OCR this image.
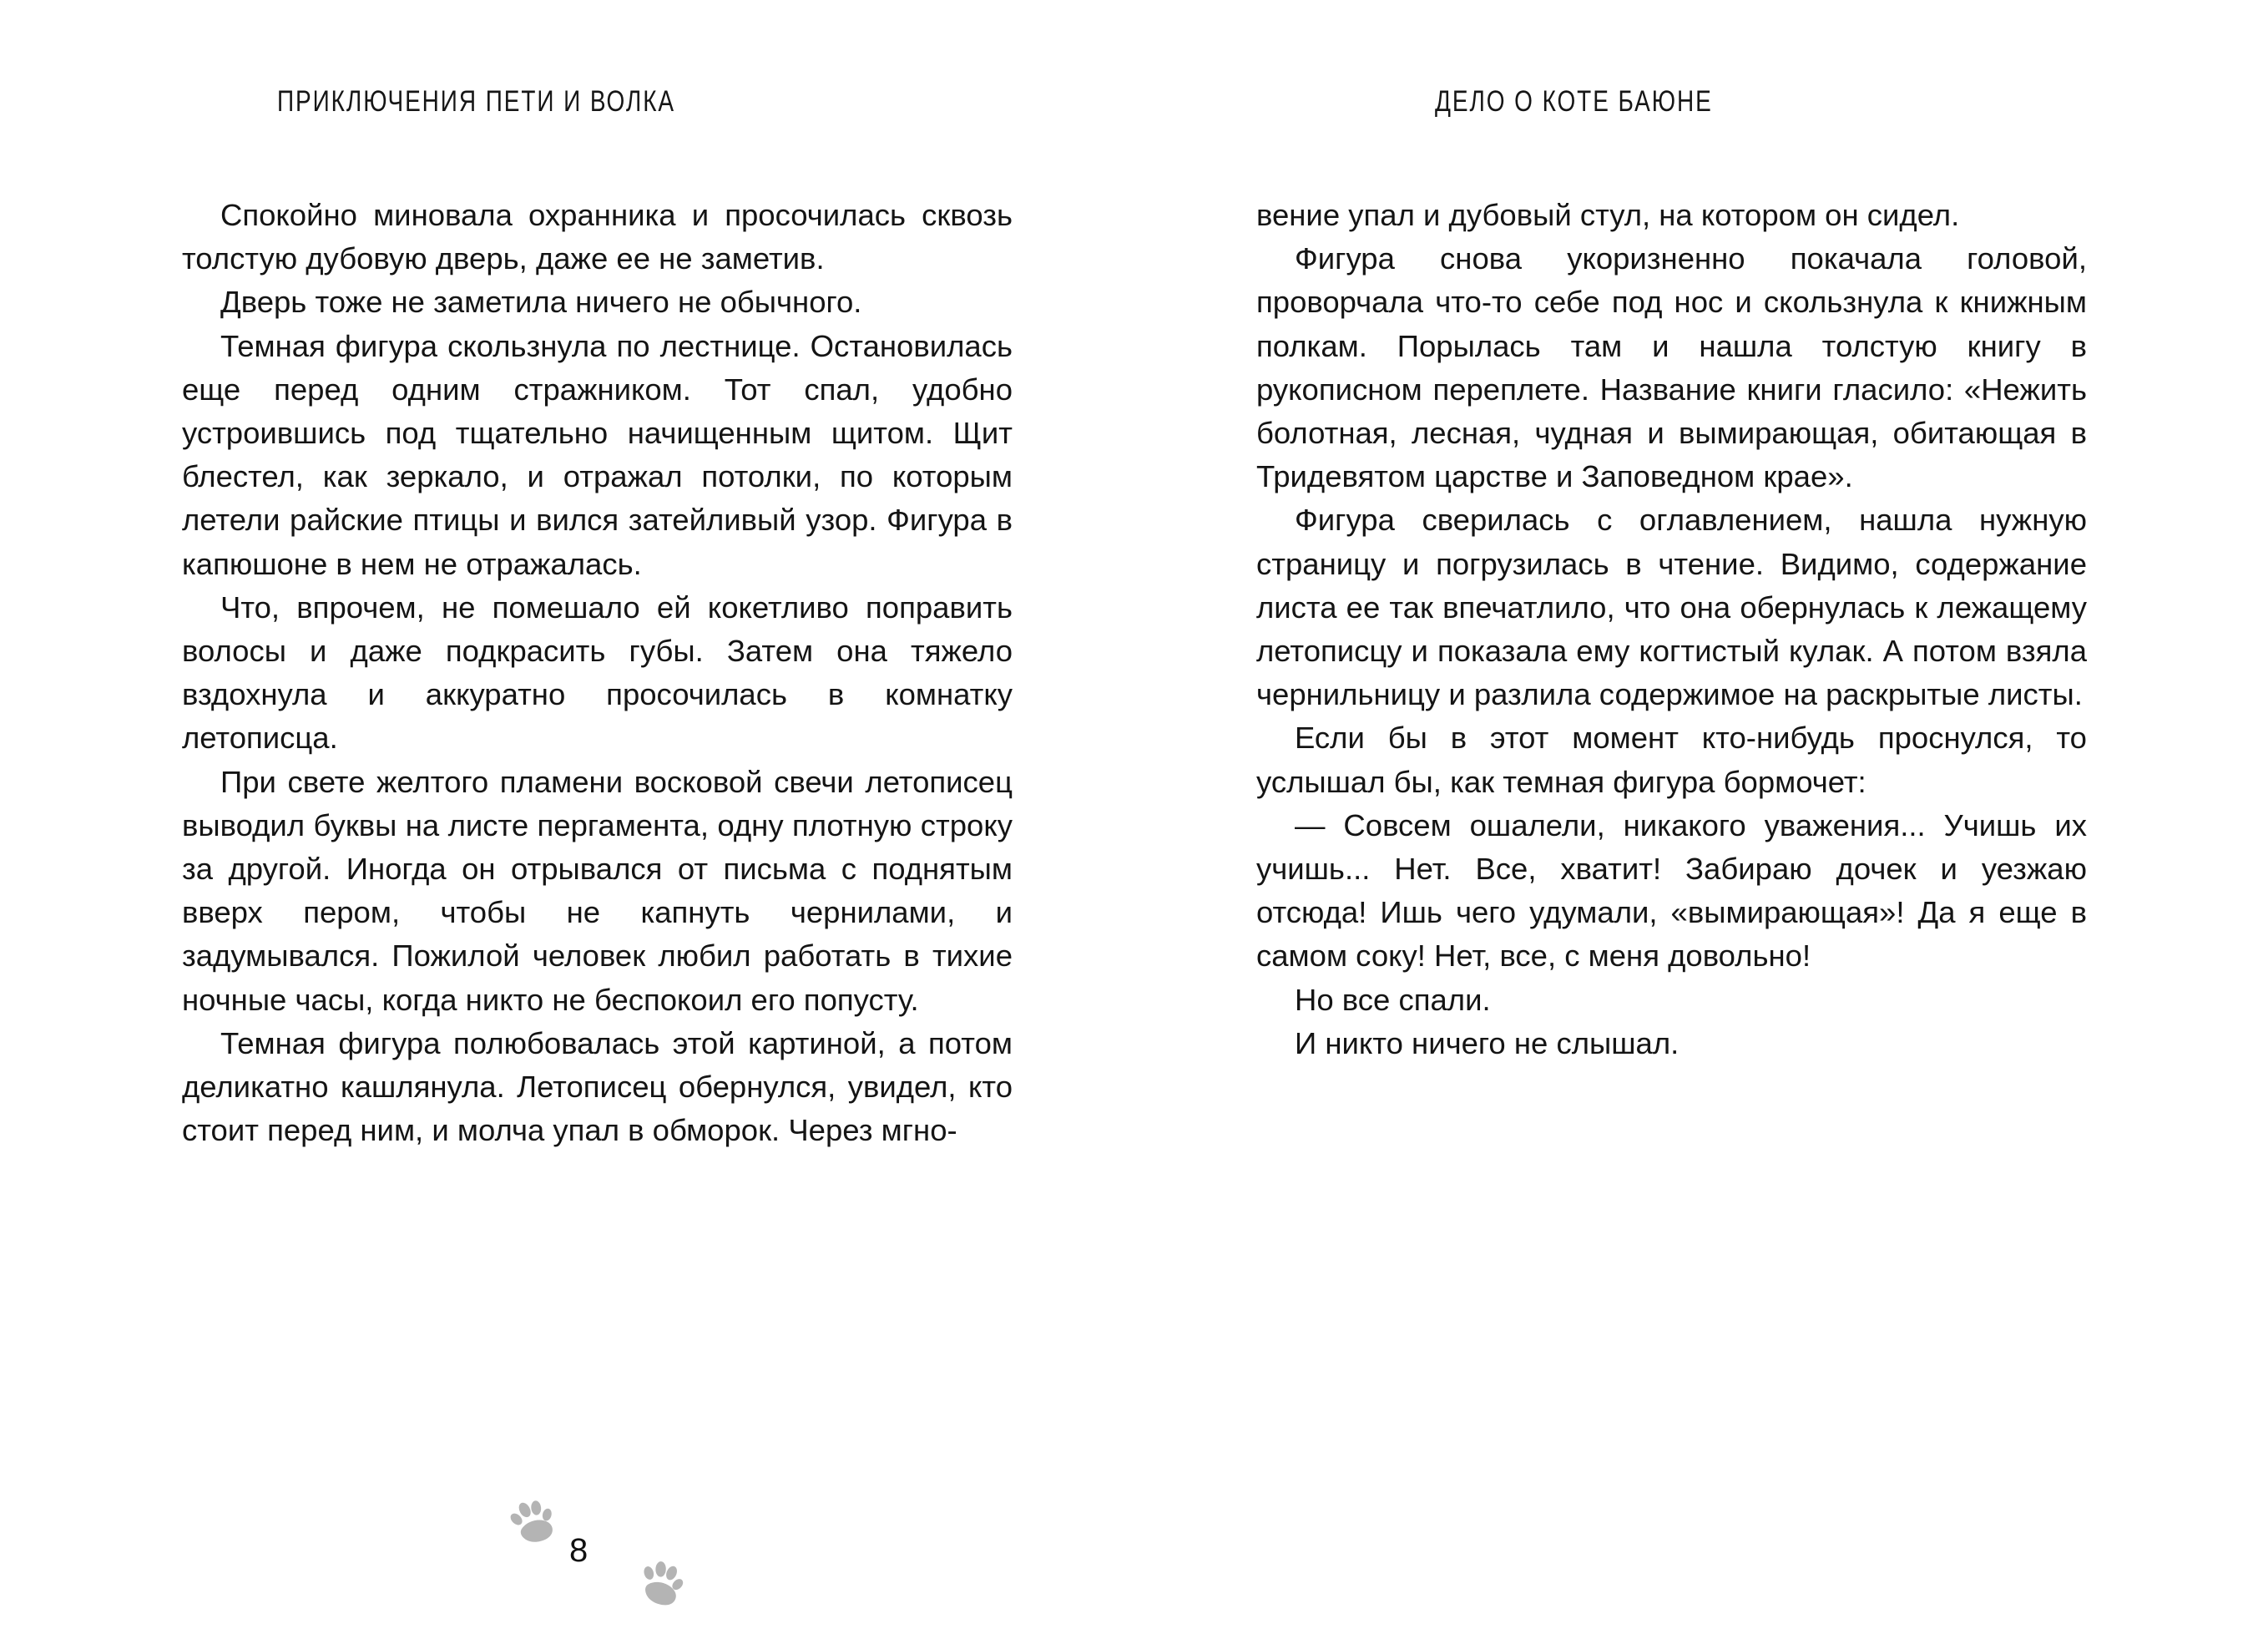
ПРИКЛЮЧЕНИЯ ПЕТИ И ВОЛКА	ДЕЛО О КОТЕ БАЮНЕ

Спокойно миновала охранника и просочилась сквозь толстую дубовую дверь, даже ее не заметив.

Дверь тоже не заметила ничего не обычного.

Темная фигура скользнула по лестнице. Остановилась еще перед одним стражником. Тот спал, удобно устроившись под тщательно начищенным щитом. Щит блестел, как зеркало, и отражал потолки, по которым летели райские птицы и вился затейливый узор. Фигура в капюшоне в нем не отражалась.

Что, впрочем, не помешало ей кокетливо поправить волосы и даже подкрасить губы. Затем она тяжело вздохнула и аккуратно просочилась в комнатку летописца.

При свете желтого пламени восковой свечи летописец выводил буквы на листе пергамента, одну плотную строку за другой. Иногда он отрывался от письма с поднятым вверх пером, чтобы не капнуть чернилами, и задумывался. Пожилой человек любил работать в тихие ночные часы, когда никто не беспокоил его попусту.

Темная фигура полюбовалась этой картиной, а потом деликатно кашлянула. Летописец обернулся, увидел, кто стоит перед ним, и молча упал в обморок. Через мгно-

вение упал и дубовый стул, на котором он сидел.

Фигура снова укоризненно покачала головой, проворчала что-то себе под нос и скользнула к книжным полкам. Порылась там и нашла толстую книгу в рукописном переплете. Название книги гласило: «Нежить болотная, лесная, чудная и вымирающая, обитающая в Тридевятом царстве и Заповедном крае».

Фигура сверилась с оглавлением, нашла нужную страницу и погрузилась в чтение. Видимо, содержание листа ее так впечатлило, что она обернулась к лежащему летописцу и показала ему когтистый кулак. А потом взяла чернильницу и разлила содержимое на раскрытые листы.

Если бы в этот момент кто-нибудь проснулся, то услышал бы, как темная фигура бормочет:

— Совсем ошалели, никакого уважения... Учишь их учишь... Нет. Все, хватит! Забираю дочек и уезжаю отсюда! Ишь чего удумали, «вымирающая»! Да я еще в самом соку! Нет, все, с меня довольно!

Но все спали.

И никто ничего не слышал.

8
